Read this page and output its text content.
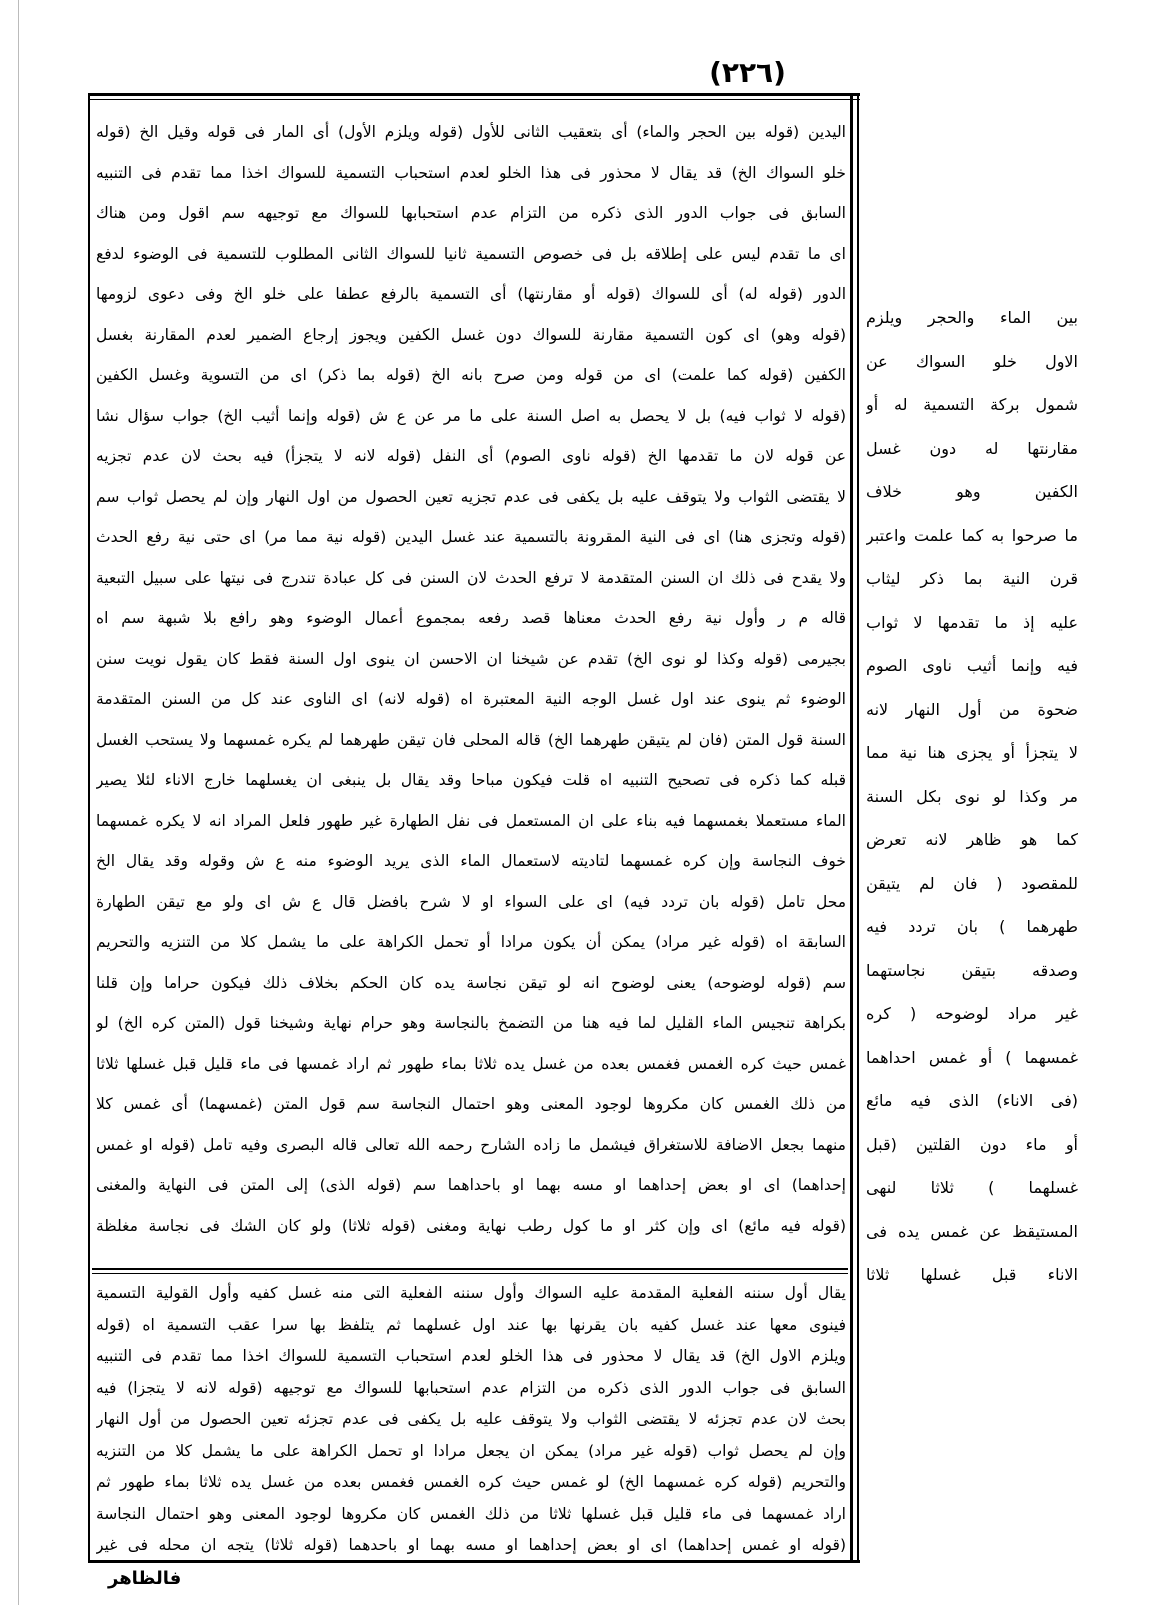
(٢٢٦)
اليدين (قوله بين الحجر والماء) أى بتعقيب الثانى للأول (قوله ويلزم الأول) أى المار فى قوله وقيل الخ (قوله
خلو السواك الخ) قد يقال لا محذور فى هذا الخلو لعدم استحباب التسمية للسواك اخذا مما تقدم فى التنبيه
السابق فى جواب الدور الذى ذكره من التزام عدم استحبابها للسواك مع توجيهه سم اقول ومن هناك
اى ما تقدم ليس على إطلاقه بل فى خصوص التسمية ثانيا للسواك الثانى المطلوب للتسمية فى الوضوء لدفع
الدور (قوله له) أى للسواك (قوله أو مقارنتها) أى التسمية بالرفع عطفا على خلو الخ وفى دعوى لزومها
(قوله وهو) اى كون التسمية مقارنة للسواك دون غسل الكفين ويجوز إرجاع الضمير لعدم المقارنة بغسل
الكفين (قوله كما علمت) اى من قوله ومن صرح بانه الخ (قوله بما ذكر) اى من التسوية وغسل الكفين
(قوله لا ثواب فيه) بل لا يحصل به اصل السنة على ما مر عن ع ش (قوله وإنما أثيب الخ) جواب سؤال نشا
عن قوله لان ما تقدمها الخ (قوله ناوى الصوم) أى النفل (قوله لانه لا يتجزأ) فيه بحث لان عدم تجزيه
لا يقتضى الثواب ولا يتوقف عليه بل يكفى فى عدم تجزيه تعين الحصول من اول النهار وإن لم يحصل ثواب سم
(قوله وتجزى هنا) اى فى النية المقرونة بالتسمية عند غسل اليدين (قوله نية مما مر) اى حتى نية رفع الحدث
ولا يقدح فى ذلك ان السنن المتقدمة لا ترفع الحدث لان السنن فى كل عبادة تندرج فى نيتها على سبيل التبعية
قاله م ر وأول نية رفع الحدث معناها قصد رفعه بمجموع أعمال الوضوء وهو رافع بلا شبهة سم اه
بجيرمى (قوله وكذا لو نوى الخ) تقدم عن شيخنا ان الاحسن ان ينوى اول السنة فقط كان يقول نويت سنن
الوضوء ثم ينوى عند اول غسل الوجه النية المعتبرة اه (قوله لانه) اى الناوى عند كل من السنن المتقدمة
السنة قول المتن (فان لم يتيقن طهرهما الخ) قاله المحلى فان تيقن طهرهما لم يكره غمسهما ولا يستحب الغسل
قبله كما ذكره فى تصحيح التنبيه اه قلت فيكون مباحا وقد يقال بل ينبغى ان يغسلهما خارج الاناء لئلا يصير
الماء مستعملا بغمسهما فيه بناء على ان المستعمل فى نفل الطهارة غير طهور فلعل المراد انه لا يكره غمسهما
خوف النجاسة وإن كره غمسهما لتاديته لاستعمال الماء الذى يريد الوضوء منه ع ش وقوله وقد يقال الخ
محل تامل (قوله بان تردد فيه) اى على السواء او لا شرح بافضل قال ع ش اى ولو مع تيقن الطهارة
السابقة اه (قوله غير مراد) يمكن أن يكون مرادا أو تحمل الكراهة على ما يشمل كلا من التنزيه والتحريم
سم (قوله لوضوحه) يعنى لوضوح انه لو تيقن نجاسة يده كان الحكم بخلاف ذلك فيكون حراما وإن قلنا
بكراهة تنجيس الماء القليل لما فيه هنا من التضمخ بالنجاسة وهو حرام نهاية وشيخنا قول (المتن كره الخ) لو
غمس حيث كره الغمس فغمس بعده من غسل يده ثلاثا بماء طهور ثم اراد غمسها فى ماء قليل قبل غسلها ثلاثا
من ذلك الغمس كان مكروها لوجود المعنى وهو احتمال النجاسة سم قول المتن (غمسهما) أى غمس كلا
منهما بجعل الاضافة للاستغراق فيشمل ما زاده الشارح رحمه الله تعالى قاله البصرى وفيه تامل (قوله او غمس
إحداهما) اى او بعض إحداهما او مسه بهما او باحداهما سم (قوله الذى) إلى المتن فى النهاية والمغنى
(قوله فيه مائع) اى وإن كثر او ما كول رطب نهاية ومغنى (قوله ثلاثا) ولو كان الشك فى نجاسة مغلظة
يقال أول سننه الفعلية المقدمة عليه السواك وأول سننه الفعلية التى منه غسل كفيه وأول القولية التسمية
فينوى معها عند غسل كفيه بان يقرنها بها عند اول غسلهما ثم يتلفظ بها سرا عقب التسمية اه (قوله
ويلزم الاول الخ) قد يقال لا محذور فى هذا الخلو لعدم استحباب التسمية للسواك اخذا مما تقدم فى التنبيه
السابق فى جواب الدور الذى ذكره من التزام عدم استحبابها للسواك مع توجيهه (قوله لانه لا يتجزا) فيه
بحث لان عدم تجزئه لا يقتضى الثواب ولا يتوقف عليه بل يكفى فى عدم تجزئه تعين الحصول من أول النهار
وإن لم يحصل ثواب (قوله غير مراد) يمكن ان يجعل مرادا او تحمل الكراهة على ما يشمل كلا من التنزيه
والتحريم (قوله كره غمسهما الخ) لو غمس حيث كره الغمس فغمس بعده من غسل يده ثلاثا بماء طهور ثم
اراد غمسهما فى ماء قليل قبل غسلها ثلاثا من ذلك الغمس كان مكروها لوجود المعنى وهو احتمال النجاسة
(قوله او غمس إحداهما) اى او بعض إحداهما او مسه بهما او باحدهما (قوله ثلاثا) يتجه ان محله فى غير
بين الماء والحجر ويلزم
الاول خلو السواك عن
شمول بركة التسمية له أو
مقارنتها له دون غسل
الكفين وهو خلاف
ما صرحوا به كما علمت واعتبر
قرن النية بما ذكر ليثاب
عليه إذ ما تقدمها لا ثواب
فيه وإنما أثيب ناوى الصوم
ضحوة من أول النهار لانه
لا يتجزأ أو يجزى هنا نية مما
مر وكذا لو نوى بكل السنة
كما هو ظاهر لانه تعرض
للمقصود ( فان لم يتيقن
طهرهما ) بان تردد فيه
وصدقه بتيقن نجاستهما
غير مراد لوضوحه ( كره
غمسهما ) أو غمس احداهما
(فى الاناء) الذى فيه مائع
أو ماء دون القلتين (قبل
غسلهما ) ثلاثا لنهى
المستيقظ عن غمس يده فى
الاناء قبل غسلها ثلاثا
فالظاهر
